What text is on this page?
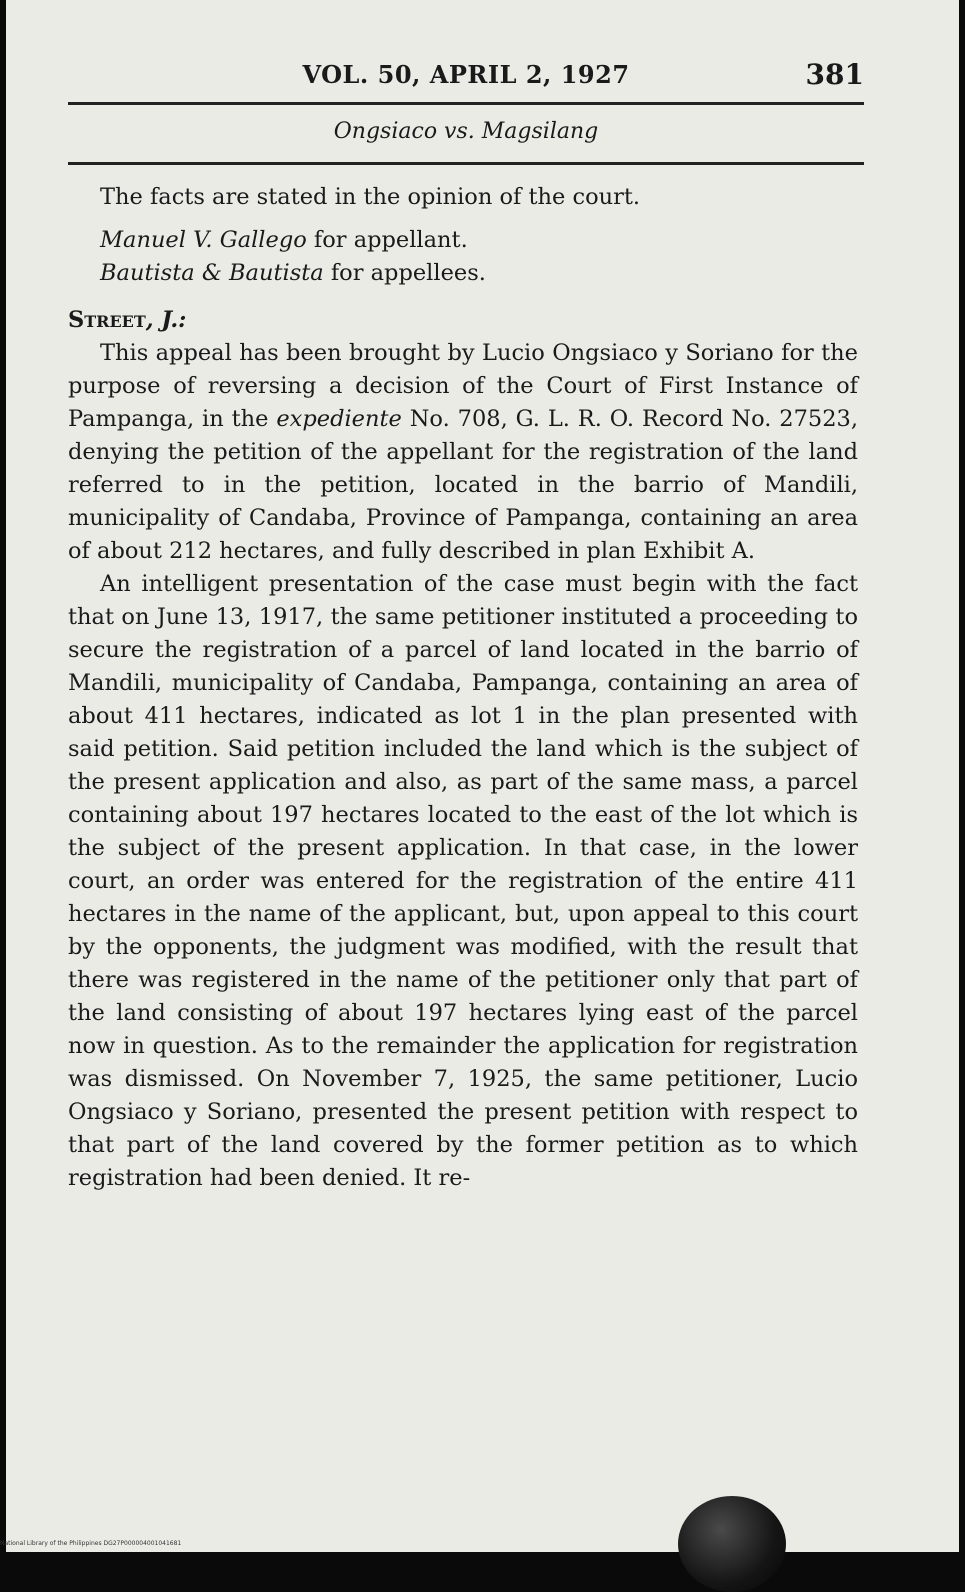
VOL. 50, APRIL 2, 1927	381
Ongsiaco vs. Magsilang

The facts are stated in the opinion of the court.

Manuel V. Gallego for appellant.

Bautista & Bautista for appellees.

Street, J.:

This appeal has been brought by Lucio Ongsiaco y Soriano for the purpose of reversing a decision of the Court of First Instance of Pampanga, in the expediente No. 708, G. L. R. O. Record No. 27523, denying the petition of the appellant for the registration of the land referred to in the petition, located in the barrio of Mandili, municipality of Candaba, Province of Pampanga, containing an area of about 212 hectares, and fully described in plan Exhibit A.

An intelligent presentation of the case must begin with the fact that on June 13, 1917, the same petitioner instituted a proceeding to secure the registration of a parcel of land located in the barrio of Mandili, municipality of Candaba, Pampanga, containing an area of about 411 hectares, indicated as lot 1 in the plan presented with said petition. Said petition included the land which is the subject of the present application and also, as part of the same mass, a parcel containing about 197 hectares located to the east of the lot which is the subject of the present application. In that case, in the lower court, an order was entered for the registration of the entire 411 hectares in the name of the applicant, but, upon appeal to this court by the opponents, the judgment was modified, with the result that there was registered in the name of the petitioner only that part of the land consisting of about 197 hectares lying east of the parcel now in question. As to the remainder the application for registration was dismissed. On November 7, 1925, the same petitioner, Lucio Ongsiaco y Soriano, presented the present petition with respect to that part of the land covered by the former petition as to which registration had been denied. It re-

National Library of the Philippines DG27P000004001041681
